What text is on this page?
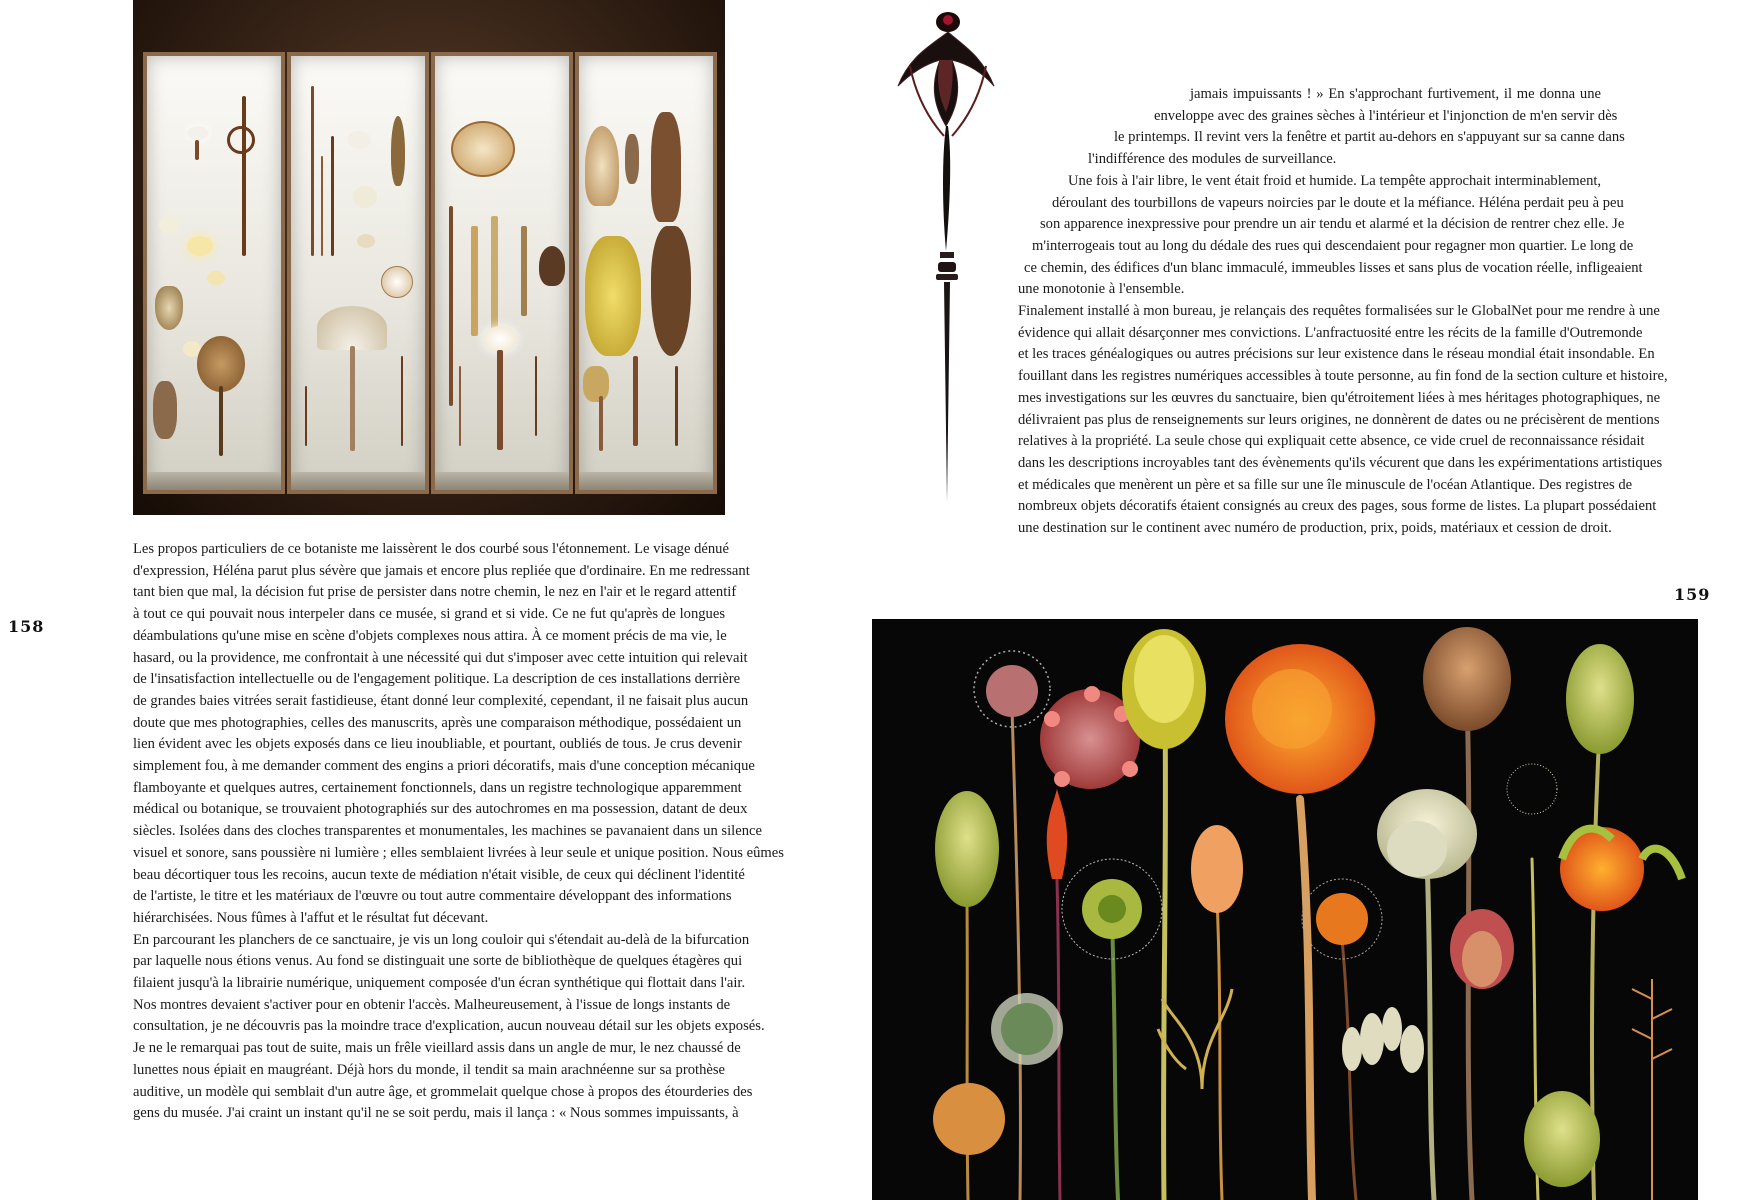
Les propos particuliers de ce botaniste me laissèrent le dos courbé sous l'étonnement. Le visage dénué
d'expression, Héléna parut plus sévère que jamais et encore plus repliée que d'ordinaire. En me redressant
tant bien que mal, la décision fut prise de persister dans notre chemin, le nez en l'air et le regard attentif
à tout ce qui pouvait nous interpeler dans ce musée, si grand et si vide. Ce ne fut qu'après de longues
déambulations qu'une mise en scène d'objets complexes nous attira. À ce moment précis de ma vie, le
hasard, ou la providence, me confrontait à une nécessité qui dut s'imposer avec cette intuition qui relevait
de l'insatisfaction intellectuelle ou de l'engagement politique. La description de ces installations derrière
de grandes baies vitrées serait fastidieuse, étant donné leur complexité, cependant, il ne faisait plus aucun
doute que mes photographies, celles des manuscrits, après une comparaison méthodique, possédaient un
lien évident avec les objets exposés dans ce lieu inoubliable, et pourtant, oubliés de tous. Je crus devenir
simplement fou, à me demander comment des engins a priori décoratifs, mais d'une conception mécanique
flamboyante et quelques autres, certainement fonctionnels, dans un registre technologique apparemment
médical ou botanique, se trouvaient photographiés sur des autochromes en ma possession, datant de deux
siècles. Isolées dans des cloches transparentes et monumentales, les machines se pavanaient dans un silence
visuel et sonore, sans poussière ni lumière ; elles semblaient livrées à leur seule et unique position. Nous eûmes
beau décortiquer tous les recoins, aucun texte de médiation n'était visible, de ceux qui déclinent l'identité
de l'artiste, le titre et les matériaux de l'œuvre ou tout autre commentaire développant des informations
hiérarchisées. Nous fûmes à l'affut et le résultat fut décevant.

En parcourant les planchers de ce sanctuaire, je vis un long couloir qui s'étendait au-delà de la bifurcation
par laquelle nous étions venus. Au fond se distinguait une sorte de bibliothèque de quelques étagères qui
filaient jusqu'à la librairie numérique, uniquement composée d'un écran synthétique qui flottait dans l'air.
Nos montres devaient s'activer pour en obtenir l'accès. Malheureusement, à l'issue de longs instants de
consultation, je ne découvris pas la moindre trace d'explication, aucun nouveau détail sur les objets exposés.
Je ne le remarquai pas tout de suite, mais un frêle vieillard assis dans un angle de mur, le nez chaussé de
lunettes nous épiait en maugréant. Déjà hors du monde, il tendit sa main arachnéenne sur sa prothèse
auditive, un modèle qui semblait d'un autre âge, et grommelait quelque chose à propos des étourderies des
gens du musée. J'ai craint un instant qu'il ne se soit perdu, mais il lança : « Nous sommes impuissants, à

158

jamais impuissants ! » En s'approchant furtivement, il me donna une
enveloppe avec des graines sèches à l'intérieur et l'injonction de m'en servir dès
le printemps. Il revint vers la fenêtre et partit au-dehors en s'appuyant sur sa canne dans
l'indifférence des modules de surveillance.

Une fois à l'air libre, le vent était froid et humide. La tempête approchait interminablement,
déroulant des tourbillons de vapeurs noircies par le doute et la méfiance. Héléna perdait peu à peu
son apparence inexpressive pour prendre un air tendu et alarmé et la décision de rentrer chez elle. Je
m'interrogeais tout au long du dédale des rues qui descendaient pour regagner mon quartier. Le long de
ce chemin, des édifices d'un blanc immaculé, immeubles lisses et sans plus de vocation réelle, infligeaient
une monotonie à l'ensemble.

Finalement installé à mon bureau, je relançais des requêtes formalisées sur le GlobalNet pour me rendre à une
évidence qui allait désarçonner mes convictions. L'anfractuosité entre les récits de la famille d'Outremonde
et les traces généalogiques ou autres précisions sur leur existence dans le réseau mondial était insondable. En
fouillant dans les registres numériques accessibles à toute personne, au fin fond de la section culture et histoire,
mes investigations sur les œuvres du sanctuaire, bien qu'étroitement liées à mes héritages photographiques, ne
délivraient pas plus de renseignements sur leurs origines, ne donnèrent de dates ou ne précisèrent de mentions
relatives à la propriété. La seule chose qui expliquait cette absence, ce vide cruel de reconnaissance résidait
dans les descriptions incroyables tant des évènements qu'ils vécurent que dans les expérimentations artistiques
et médicales que menèrent un père et sa fille sur une île minuscule de l'océan Atlantique. Des registres de
nombreux objets décoratifs étaient consignés au creux des pages, sous forme de listes. La plupart possédaient
une destination sur le continent avec numéro de production, prix, poids, matériaux et cession de droit.

159
